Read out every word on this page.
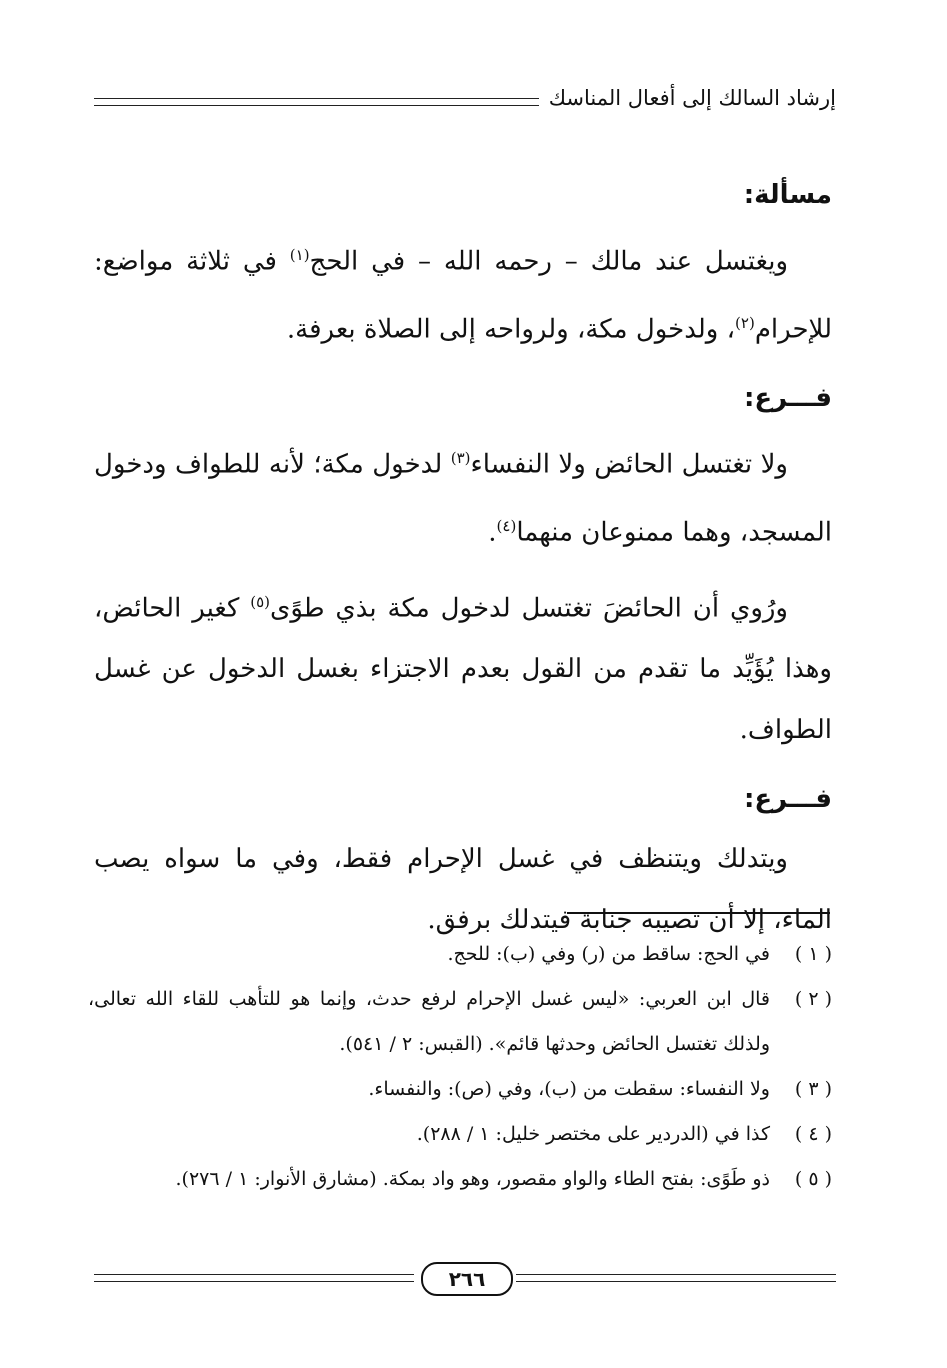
إرشاد السالك إلى أفعال المناسك
مسألة:

ويغتسل عند مالك – رحمه الله – في الحج$^{(١)}$ في ثلاثة مواضع: للإحرام$^{(٢)}$، ولدخول مكة، ولرواحه إلى الصلاة بعرفة.

فـــرع:

ولا تغتسل الحائض ولا النفساء$^{(٣)}$ لدخول مكة؛ لأنه للطواف ودخول المسجد، وهما ممنوعان منهما$^{(٤)}$.

ورُوي أن الحائضَ تغتسل لدخول مكة بذي طوًى$^{(٥)}$ كغير الحائض، وهذا يُؤَيِّد ما تقدم من القول بعدم الاجتزاء بغسل الدخول عن غسل الطواف.

فـــرع:

ويتدلك ويتنظف في غسل الإحرام فقط، وفي ما سواه يصب الماء، إلا أن تصيبه جنابة فيتدلك برفق.

( ١ )
في الحج: ساقط من (ر) وفي (ب): للحج.
( ٢ )
قال ابن العربي: «ليس غسل الإحرام لرفع حدث، وإنما هو للتأهب للقاء الله تعالى، ولذلك تغتسل الحائض وحدثها قائم». (القبس: ٢ / ٥٤١).
( ٣ )
ولا النفساء: سقطت من (ب)، وفي (ص): والنفساء.
( ٤ )
كذا في (الدردير على مختصر خليل: ١ / ٢٨٨).
( ٥ )
ذو طَوًى: بفتح الطاء والواو مقصور، وهو واد بمكة. (مشارق الأنوار: ١ / ٢٧٦).
٢٦٦
